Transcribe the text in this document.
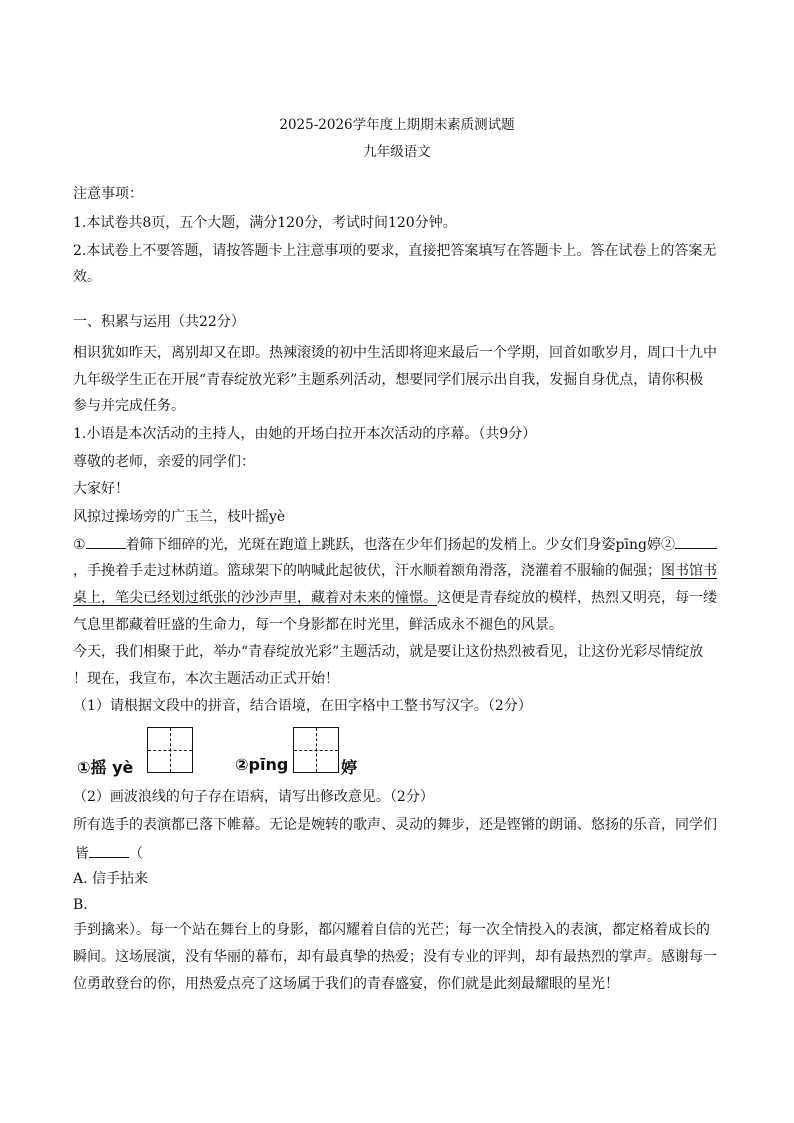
2025-2026学年度上期期末素质测试题
九年级语文
注意事项：
1.本试卷共8页，五个大题，满分120分，考试时间120分钟。
2.本试卷上不要答题，请按答题卡上注意事项的要求，直接把答案填写在答题卡上。答在试卷上的答案无
效。
一、积累与运用（共22分）
相识犹如昨天，离别却又在即。热辣滚烫的初中生活即将迎来最后一个学期，回首如歌岁月，周口十九中
九年级学生正在开展“青春绽放光彩”主题系列活动，想要同学们展示出自我，发掘自身优点，请你积极
参与并完成任务。
1.小语是本次活动的主持人，由她的开场白拉开本次活动的序幕。（共9分）
尊敬的老师，亲爱的同学们：
大家好！
风掠过操场旁的广玉兰，枝叶摇yè
①	着筛下细碎的光，光斑在跑道上跳跃，也落在少年们扬起的发梢上。少女们身姿pīng婷②
，手挽着手走过林荫道。篮球架下的呐喊此起彼伏，汗水顺着额角滑落，浇灌着不服输的倔强；图书馆书
桌上，笔尖已经划过纸张的沙沙声里，藏着对未来的憧憬。这便是青春绽放的模样，热烈又明亮，每一缕
气息里都藏着旺盛的生命力，每一个身影都在时光里，鲜活成永不褪色的风景。
今天，我们相聚于此，举办“青春绽放光彩”主题活动，就是要让这份热烈被看见，让这份光彩尽情绽放
！现在，我宣布，本次主题活动正式开始！
（1）请根据文段中的拼音，结合语境，在田字格中工整书写汉字。（2分）
①摇 yè	②pīng	婷
（2）画波浪线的句子存在语病，请写出修改意见。（2分）
所有选手的表演都已落下帷幕。无论是婉转的歌声、灵动的舞步，还是铿锵的朗诵、悠扬的乐音，同学们
皆	（
A. 信手拈来
B.
手到擒来）。每一个站在舞台上的身影，都闪耀着自信的光芒；每一次全情投入的表演，都定格着成长的
瞬间。这场展演，没有华丽的幕布，却有最真挚的热爱；没有专业的评判，却有最热烈的掌声。感谢每一
位勇敢登台的你，用热爱点亮了这场属于我们的青春盛宴，你们就是此刻最耀眼的星光！
